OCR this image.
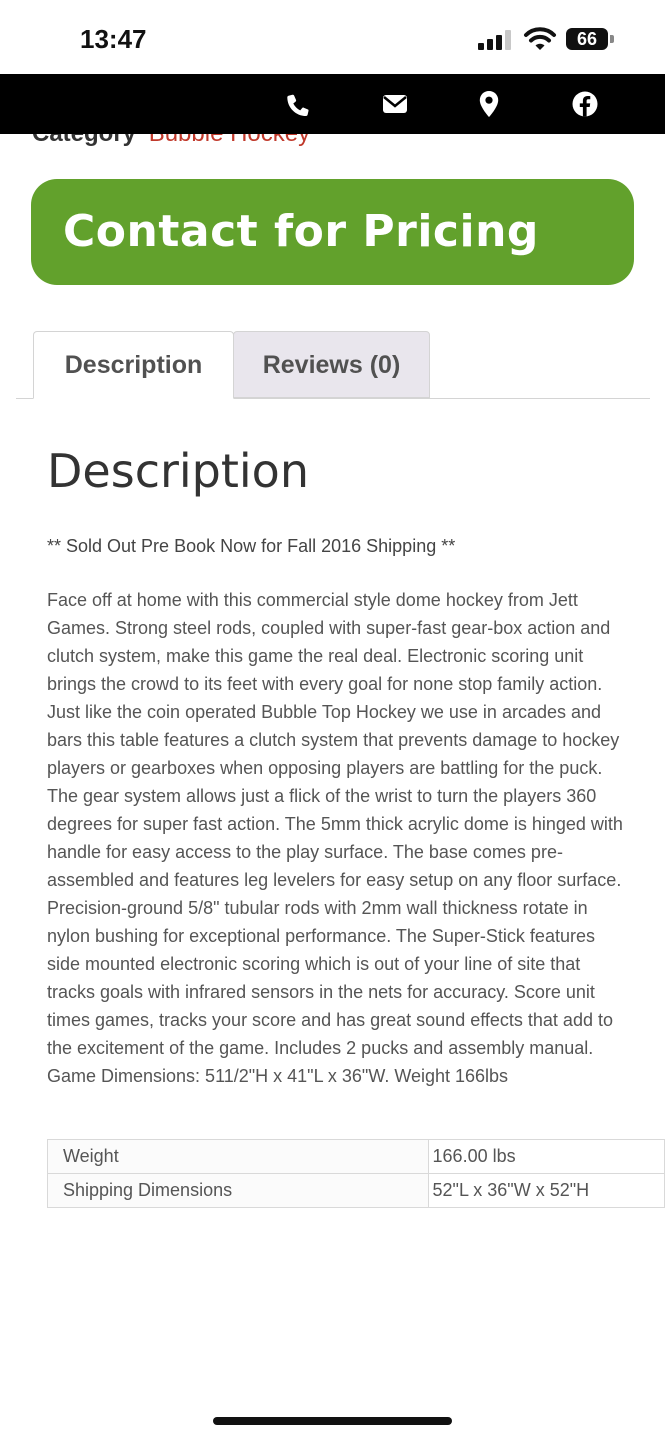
13:47	66
Contact for Pricing
Description	Reviews (0)
Description
** Sold Out Pre Book Now for Fall 2016 Shipping **

Face off at home with this commercial style dome hockey from Jett Games. Strong steel rods, coupled with super-fast gear-box action and clutch system, make this game the real deal. Electronic scoring unit brings the crowd to its feet with every goal for none stop family action. Just like the coin operated Bubble Top Hockey we use in arcades and bars this table features a clutch system that prevents damage to hockey players or gearboxes when opposing players are battling for the puck. The gear system allows just a flick of the wrist to turn the players 360 degrees for super fast action. The 5mm thick acrylic dome is hinged with handle for easy access to the play surface. The base comes pre-assembled and features leg levelers for easy setup on any floor surface. Precision-ground 5/8" tubular rods with 2mm wall thickness rotate in nylon bushing for exceptional performance. The Super-Stick features side mounted electronic scoring which is out of your line of site that tracks goals with infrared sensors in the nets for accuracy. Score unit times games, tracks your score and has great sound effects that add to the excitement of the game. Includes 2 pucks and assembly manual. Game Dimensions: 511/2"H x 41"L x 36"W. Weight 166lbs

Weight	166.00 lbs
Shipping Dimensions	52"L x 36"W x 52"H
